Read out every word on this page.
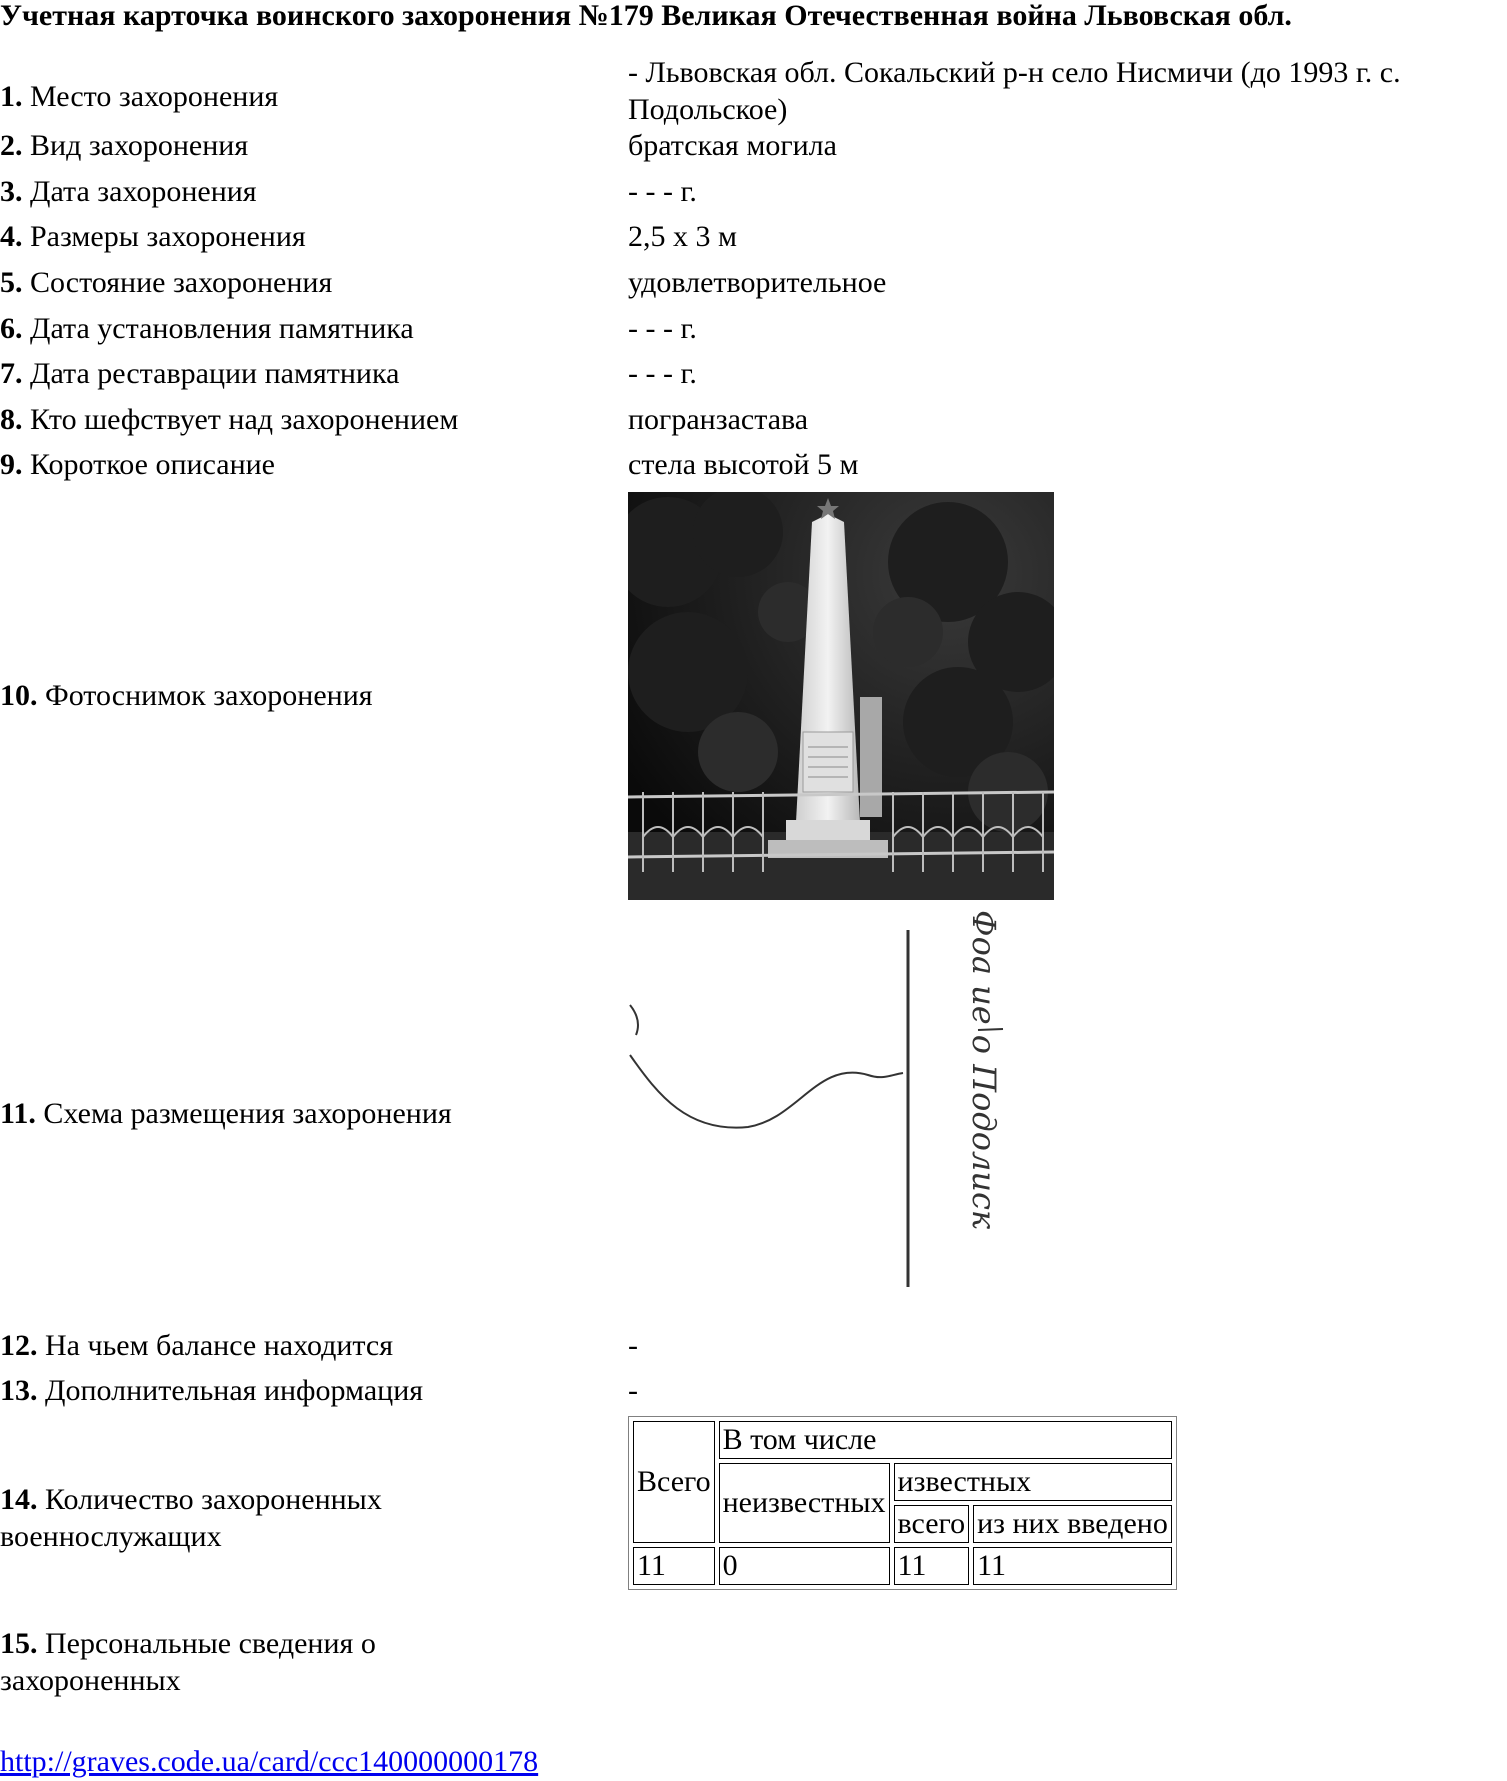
Учетная карточка воинского захоронения №179 Великая Отечественная война Львовская обл.
1. Место захоронения
- Львовская обл. Сокальский р-н село Нисмичи (до 1993 г. с. Подольское)
2. Вид захоронения	братская могила
3. Дата захоронения	- - - г.
4. Размеры захоронения	2,5 x 3 м
5. Состояние захоронения	удовлетворительное
6. Дата установления памятника	- - - г.
7. Дата реставрации памятника	- - - г.
8. Кто шефствует над захоронением	погранзастава
9. Короткое описание	стела высотой 5 м
10. Фотоснимок захоронения
11. Схема размещения захоронения	Фоа ие о Подолиск
12. На чьем балансе находится	-
13. Дополнительная информация	-
14. Количество захороненных военнослужащих
Всего	В том числе		
	неизвестных	известных	
		всего	из них введено
11	0	11	11
15. Персональные сведения о захороненных
http://graves.code.ua/card/ccc140000000178
